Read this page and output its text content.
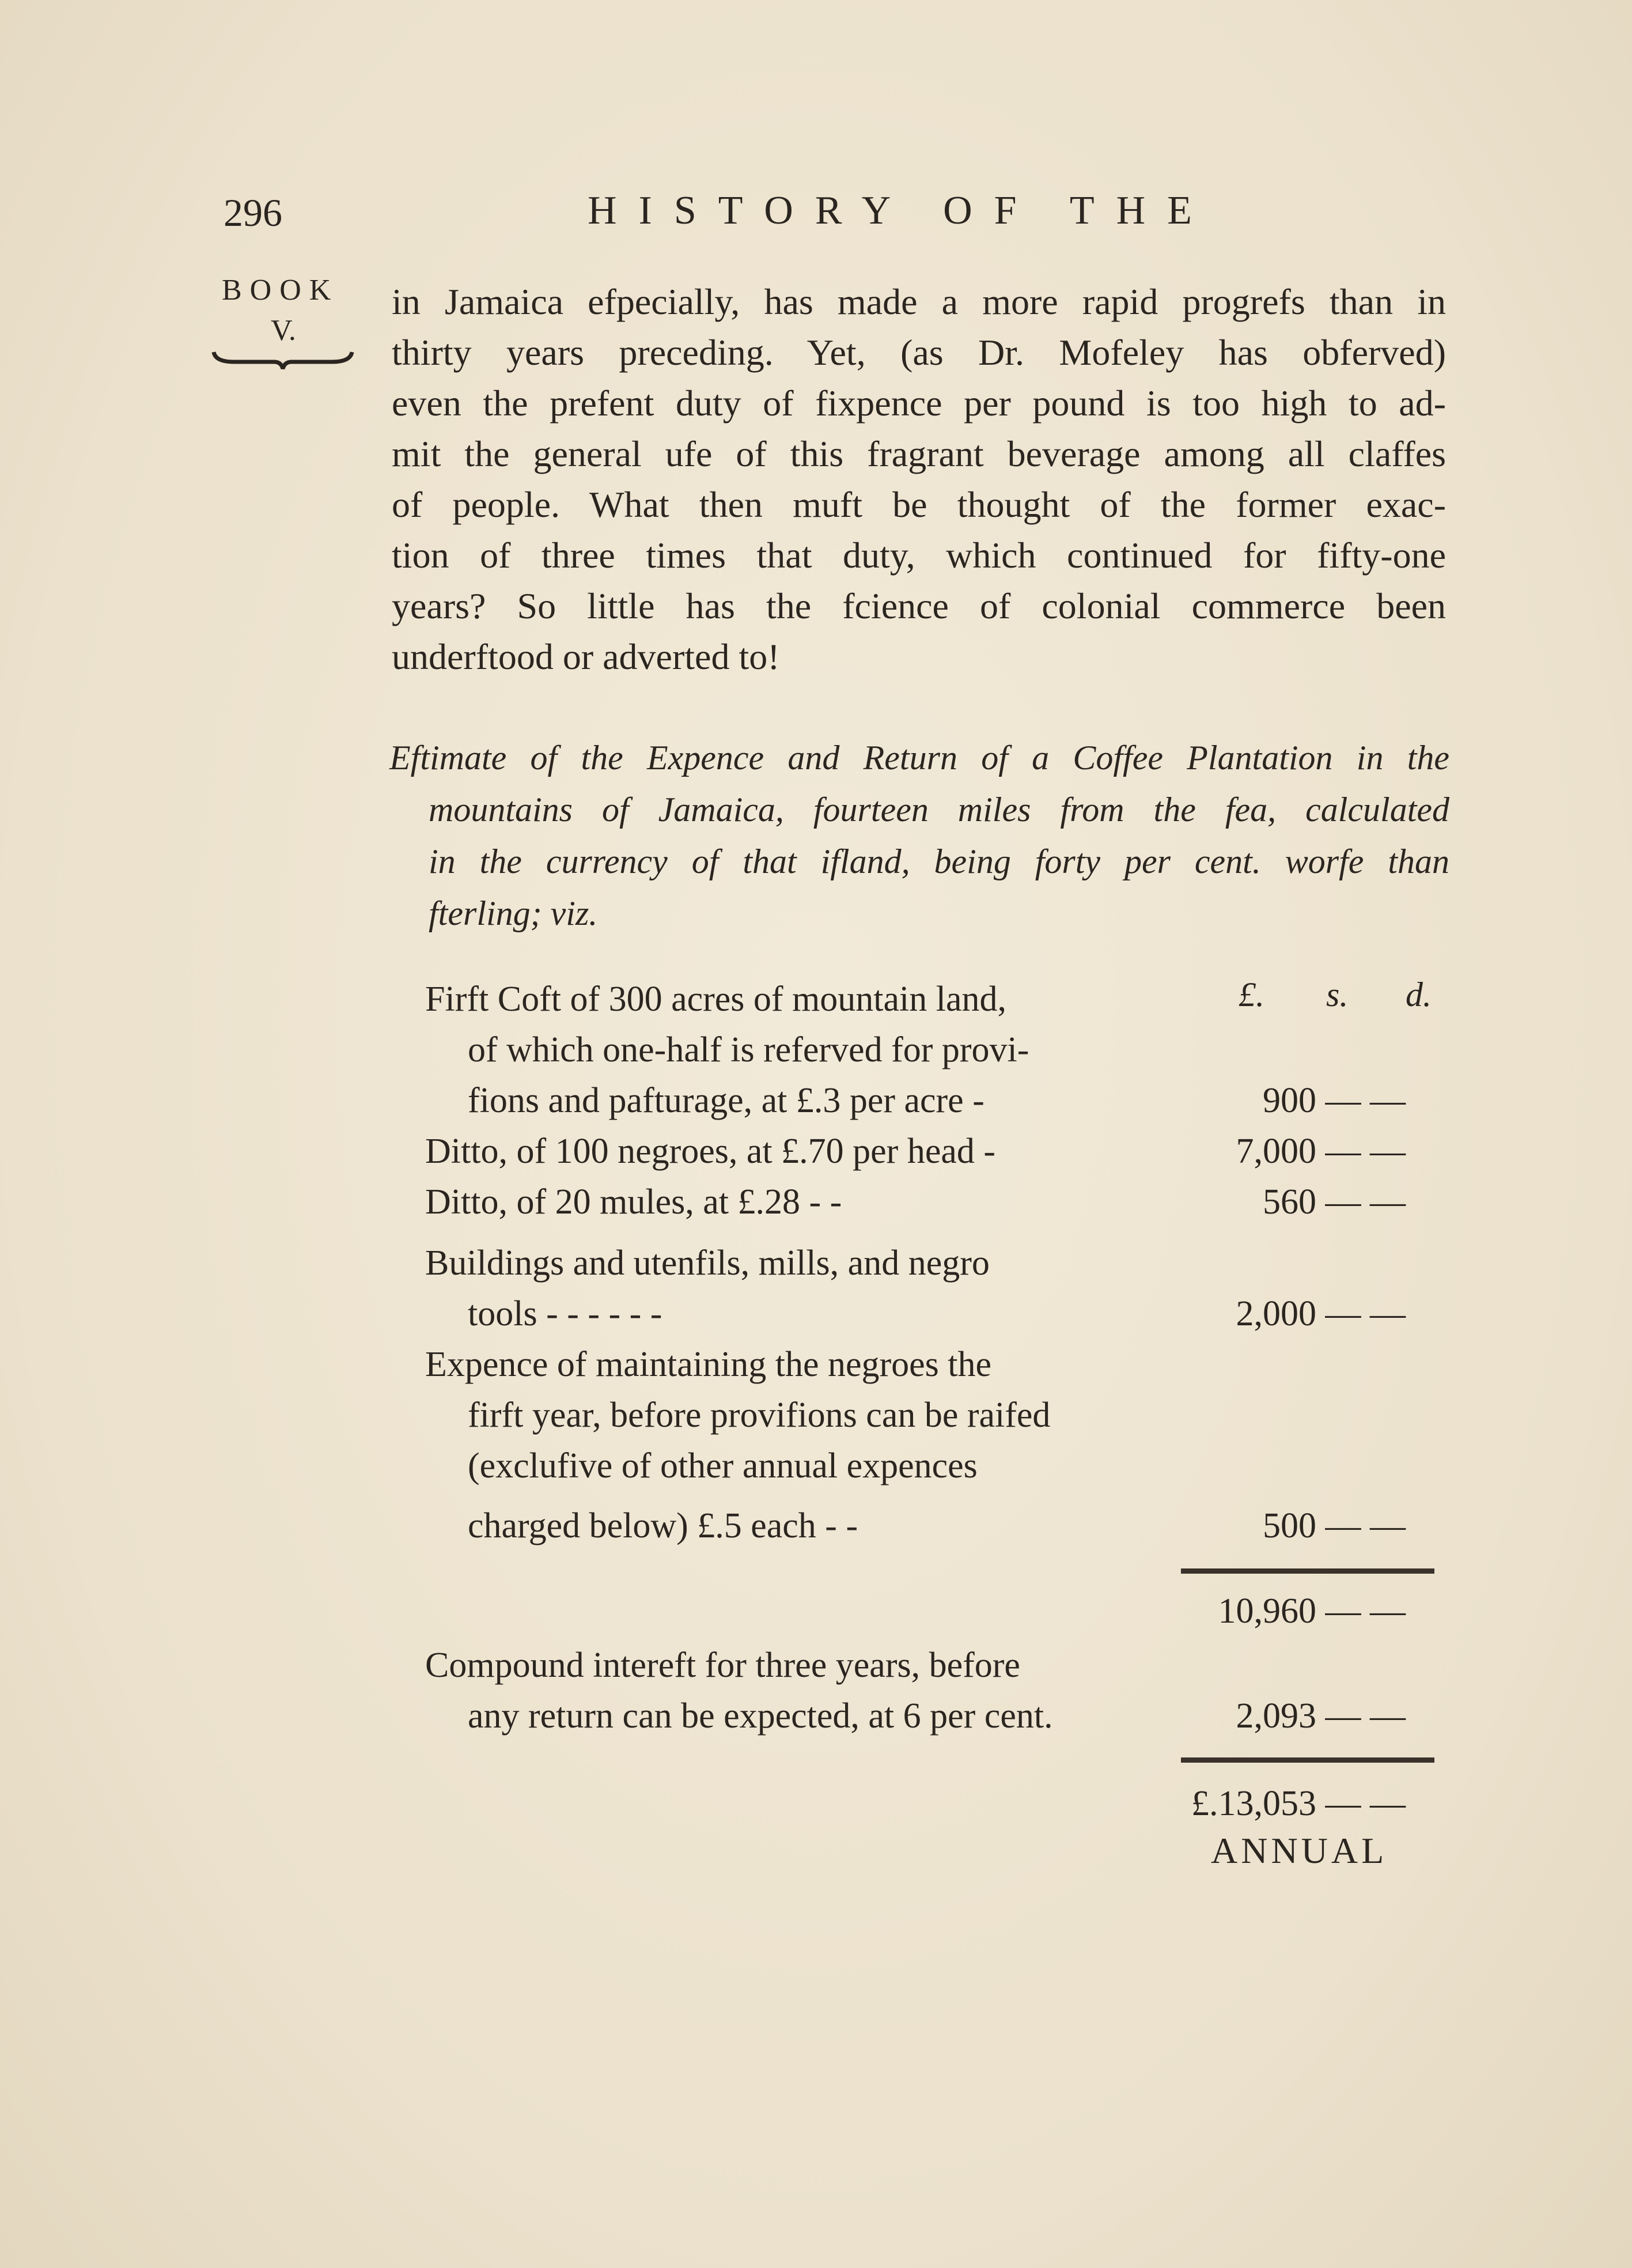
296	HISTORY OF THE
BOOK
V.
in Jamaica efpecially, has made a more rapid progrefs than in
thirty years preceding. Yet, (as Dr. Mofeley has obferved)
even the prefent duty of fixpence per pound is too high to ad-
mit the general ufe of this fragrant beverage among all claffes
of people. What then muft be thought of the former exac-
tion of three times that duty, which continued for fifty-one
years? So little has the fcience of colonial commerce been
underftood or adverted to!
Eftimate of the Expence and Return of a Coffee Plantation in the
mountains of Jamaica, fourteen miles from the fea, calculated
in the currency of that ifland, being forty per cent. worfe than
fterling; viz.
£. s. d.
Firft Coft of 300 acres of mountain land,
of which one-half is referved for provi-
fions and pafturage, at £.3 per acre -
Ditto, of 100 negroes, at £.70 per head -
Ditto, of 20 mules, at £.28 - -
Buildings and utenfils, mills, and negro
tools - - - - - -
Expence of maintaining the negroes the
firft year, before provifions can be raifed
(exclufive of other annual expences
charged below) £.5 each - -
Compound intereft for three years, before
any return can be expected, at 6 per cent.
900 — —
7,000 — —
560 — —
2,000 — —
500 — —
10,960 — —
2,093 — —
£.13,053 — —
ANNUAL
